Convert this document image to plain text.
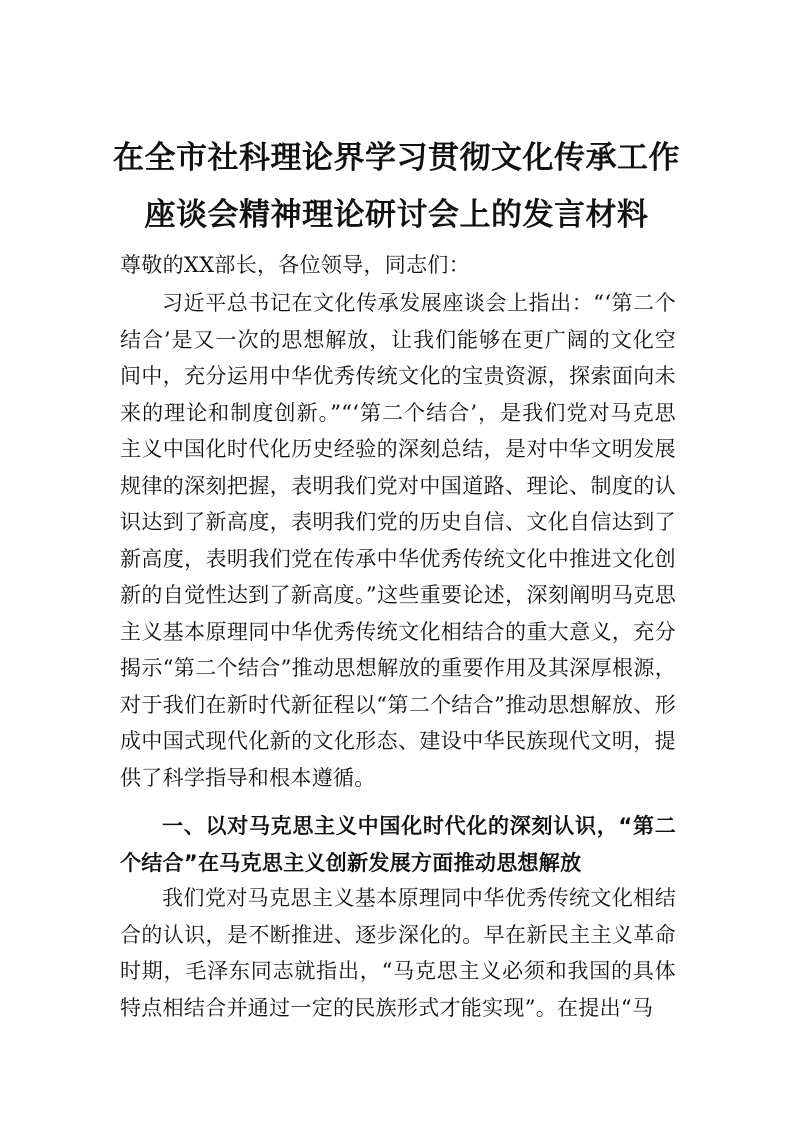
在全市社科理论界学习贯彻文化传承工作
座谈会精神理论研讨会上的发言材料
尊敬的XX部长，各位领导，同志们：
习近平总书记在文化传承发展座谈会上指出：“‘第二个结合’是又一次的思想解放，让我们能够在更广阔的文化空间中，充分运用中华优秀传统文化的宝贵资源，探索面向未来的理论和制度创新。”“‘第二个结合’，是我们党对马克思主义中国化时代化历史经验的深刻总结，是对中华文明发展规律的深刻把握，表明我们党对中国道路、理论、制度的认识达到了新高度，表明我们党的历史自信、文化自信达到了新高度，表明我们党在传承中华优秀传统文化中推进文化创新的自觉性达到了新高度。”这些重要论述，深刻阐明马克思主义基本原理同中华优秀传统文化相结合的重大意义，充分揭示“第二个结合”推动思想解放的重要作用及其深厚根源，对于我们在新时代新征程以“第二个结合”推动思想解放、形成中国式现代化新的文化形态、建设中华民族现代文明，提供了科学指导和根本遵循。
一、以对马克思主义中国化时代化的深刻认识，“第二个结合”在马克思主义创新发展方面推动思想解放
我们党对马克思主义基本原理同中华优秀传统文化相结合的认识，是不断推进、逐步深化的。早在新民主主义革命时期，毛泽东同志就指出，“马克思主义必须和我国的具体特点相结合并通过一定的民族形式才能实现”。在提出“马
